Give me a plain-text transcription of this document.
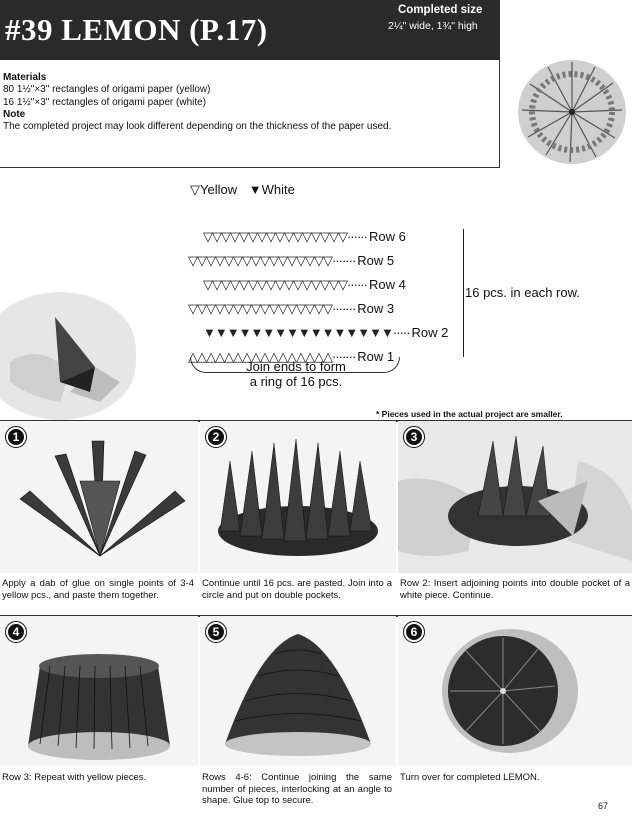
#39 LEMON (P.17)
Completed size
2¼" wide, 1¾" high
Materials
80 1½"×3" rectangles of origami paper (yellow)
16 1½"×3" rectangles of origami paper (white)
Note
The completed project may look different depending on the thickness of the paper used.
▽Yellow ▼White
▽▽▽▽▽▽▽▽▽▽▽▽▽▽▽▽······ Row 6
▽▽▽▽▽▽▽▽▽▽▽▽▽▽▽▽······· Row 5
▽▽▽▽▽▽▽▽▽▽▽▽▽▽▽▽······ Row 4
▽▽▽▽▽▽▽▽▽▽▽▽▽▽▽▽······· Row 3
▼▼▼▼▼▼▼▼▼▼▼▼▼▼▼▼····· Row 2
△△△△△△△△△△△△△△△△······· Row 1
16 pcs. in each row.
Join ends to form
a ring of 16 pcs.
* Pieces used in the actual project are smaller.
1
Apply a dab of glue on single points of 3-4 yellow pcs., and paste them together.
2
Continue until 16 pcs. are pasted. Join into a circle and put on double pockets.
3
Row 2: Insert adjoining points into double pocket of a white piece. Continue.
4
Row 3: Repeat with yellow pieces.
5
Rows 4-6: Continue joining the same number of pieces, interlocking at an angle to shape. Glue top to secure.
6
Turn over for completed LEMON.
67
